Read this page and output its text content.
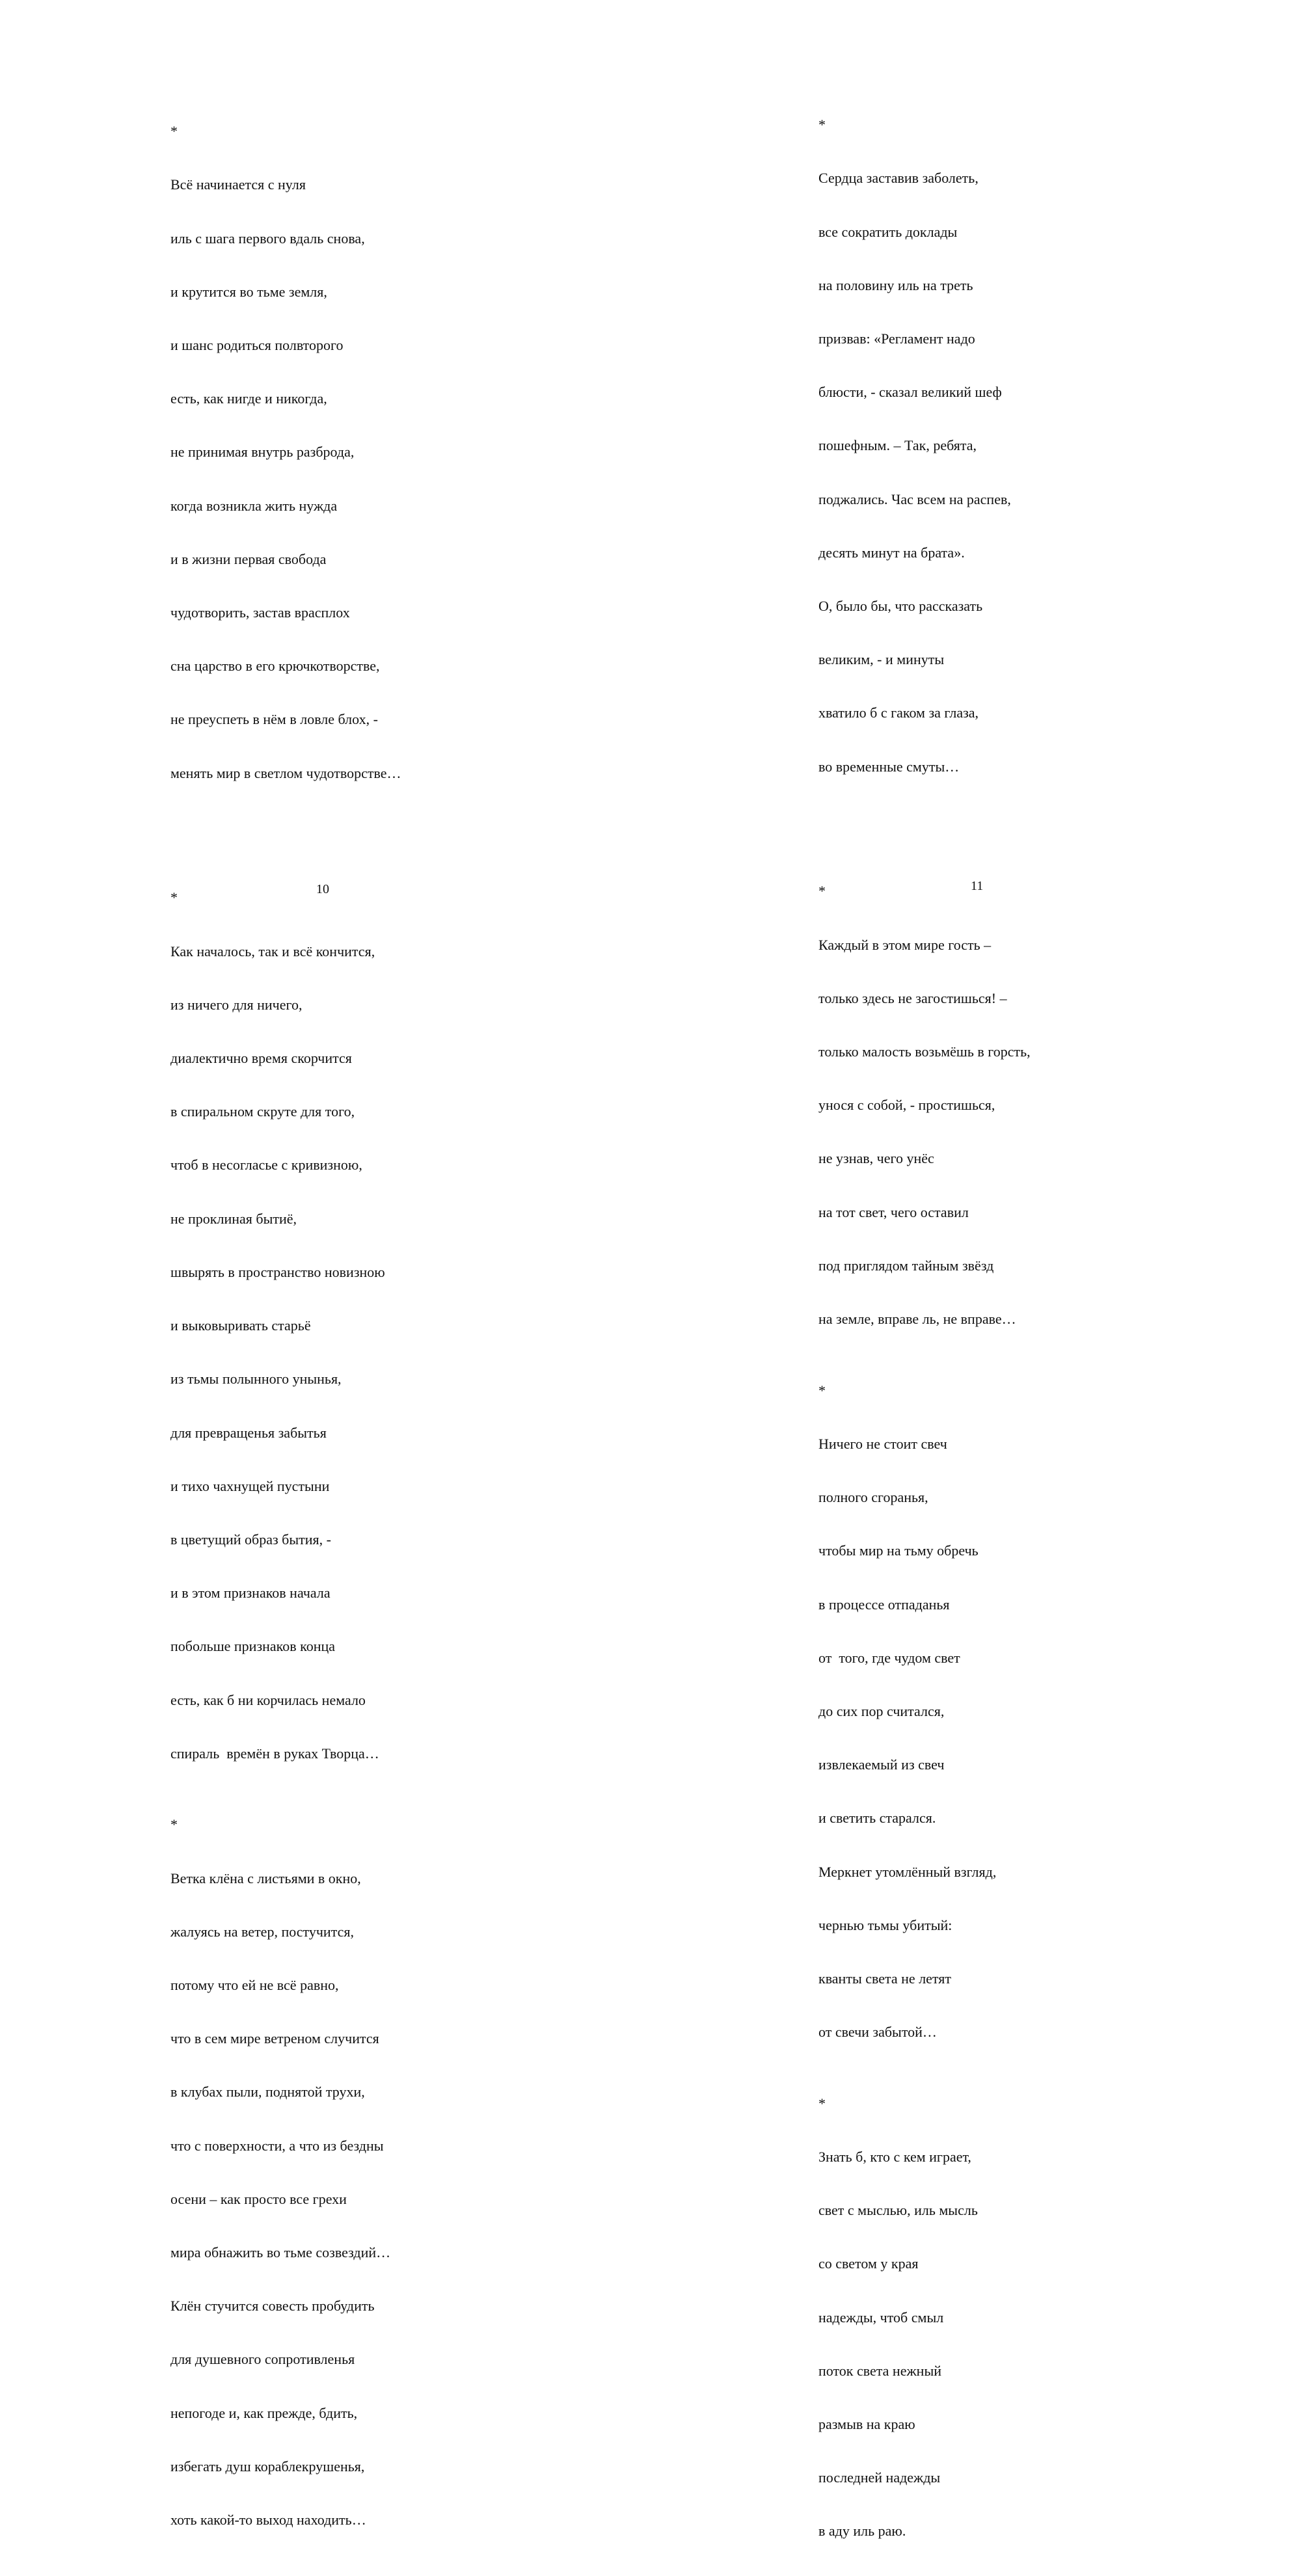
*

Всё начинается с нуля

иль с шага первого вдаль снова,

и крутится во тьме земля,

и шанс родиться полвторого

есть, как нигде и никогда,

не принимая внутрь разброда,

когда возникла жить нужда

и в жизни первая свобода

чудотворить, застав врасплох

сна царство в его крючкотворстве,

не преуспеть в нём в ловле блох, -

менять мир в светлом чудотворстве…

*

Как началось, так и всё кончится,

из ничего для ничего,

диалектично время скорчится

в спиральном скруте для того,

чтоб в несогласье с кривизною,

не проклиная бытиё,

швырять в пространство новизною

и выковыривать старьё

из тьмы полынного унынья,

для превращенья забытья

и тихо чахнущей пустыни

в цветущий образ бытия, -

и в этом признаков начала

побольше признаков конца

есть, как б ни корчилась немало

спираль  времён в руках Творца…

*

Ветка клёна с листьями в окно,

жалуясь на ветер, постучится,

потому что ей не всё равно,

что в сем мире ветреном случится

в клубах пыли, поднятой трухи,

что с поверхности, а что из бездны

осени – как просто все грехи

мира обнажить во тьме созвездий…

Клён стучится совесть пробудить

для душевного сопротивленья

непогоде и, как прежде, бдить,

избегать душ кораблекрушенья,

хоть какой-то выход находить…

10

*

Сердца заставив заболеть,

все сократить доклады

на половину иль на треть

призвав: «Регламент надо

блюсти, - сказал великий шеф

пошефным. – Так, ребята,

поджались. Час всем на распев,

десять минут на брата».

О, было бы, что рассказать

великим, - и минуты

хватило б с гаком за глаза,

во временные смуты…

*

Каждый в этом мире гость –

только здесь не загостишься! –

только малость возьмёшь в горсть,

унося с собой, - простишься,

не узнав, чего унёс

на тот свет, чего оставил

под приглядом тайным звёзд

на земле, вправе ль, не вправе…

*

Ничего не стоит свеч

полного сгоранья,

чтобы мир на тьму обречь

в процессе отпаданья

от  того, где чудом свет

до сих пор считался,

извлекаемый из свеч

и светить старался.

Меркнет утомлённый взгляд,

чернью тьмы убитый:

кванты света не летят

от свечи забытой…

*

Знать б, кто с кем играет,

свет с мыслью, иль мысль

со светом у края

надежды, чтоб смыл

поток света нежный

размыв на краю

последней надежды

в аду иль раю.

11
